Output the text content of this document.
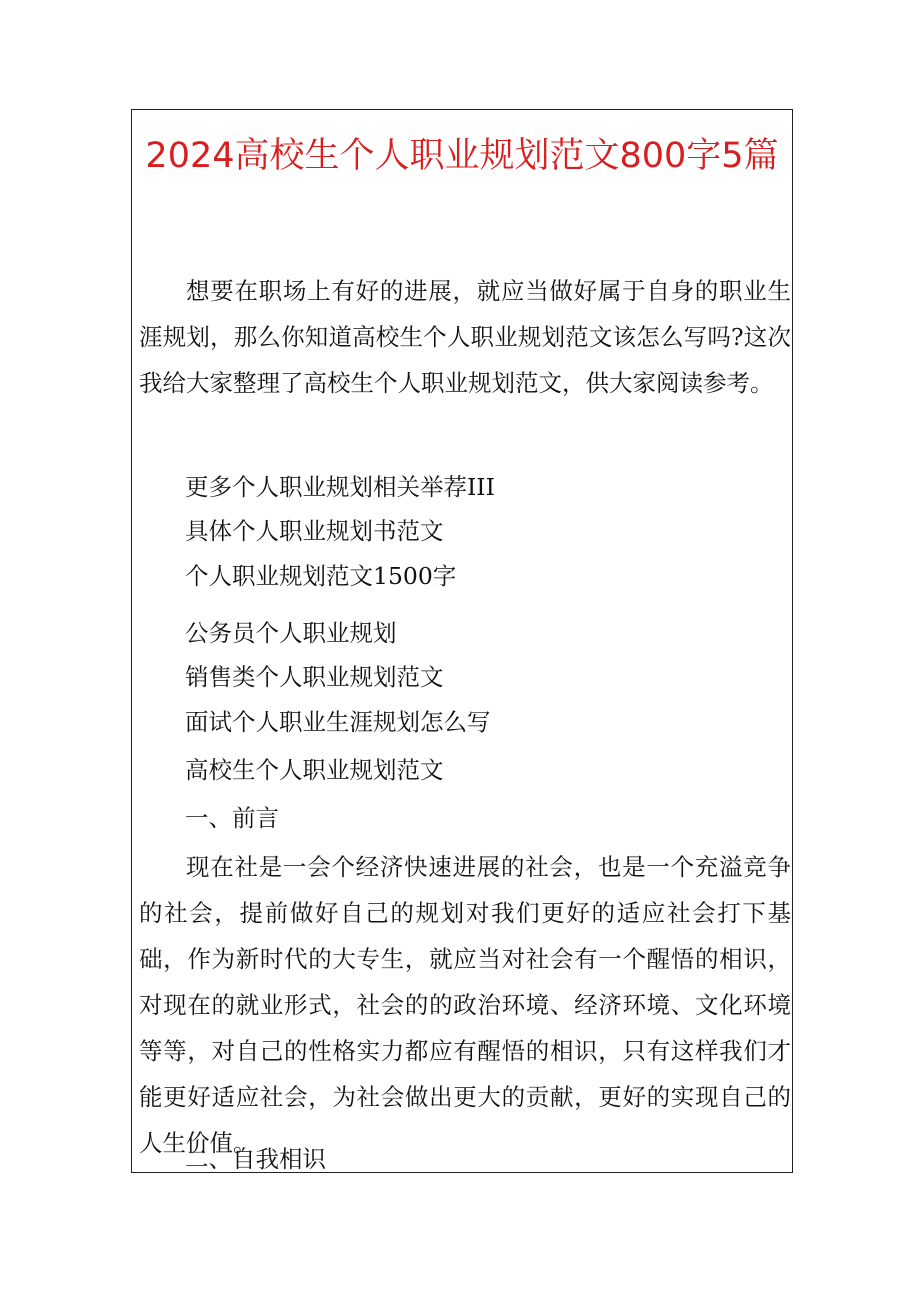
2024高校生个人职业规划范文800字5篇

想要在职场上有好的进展，就应当做好属于自身的职业生涯规划，那么你知道高校生个人职业规划范文该怎么写吗?这次我给大家整理了高校生个人职业规划范文，供大家阅读参考。

更多个人职业规划相关举荐III

具体个人职业规划书范文

个人职业规划范文1500字

公务员个人职业规划

销售类个人职业规划范文

面试个人职业生涯规划怎么写

高校生个人职业规划范文

一、前言

现在社是一会个经济快速进展的社会，也是一个充溢竞争的社会，提前做好自己的规划对我们更好的适应社会打下基础，作为新时代的大专生，就应当对社会有一个醒悟的相识，对现在的就业形式，社会的的政治环境、经济环境、文化环境等等，对自己的性格实力都应有醒悟的相识，只有这样我们才能更好适应社会，为社会做出更大的贡献，更好的实现自己的人生价值。

二、自我相识
